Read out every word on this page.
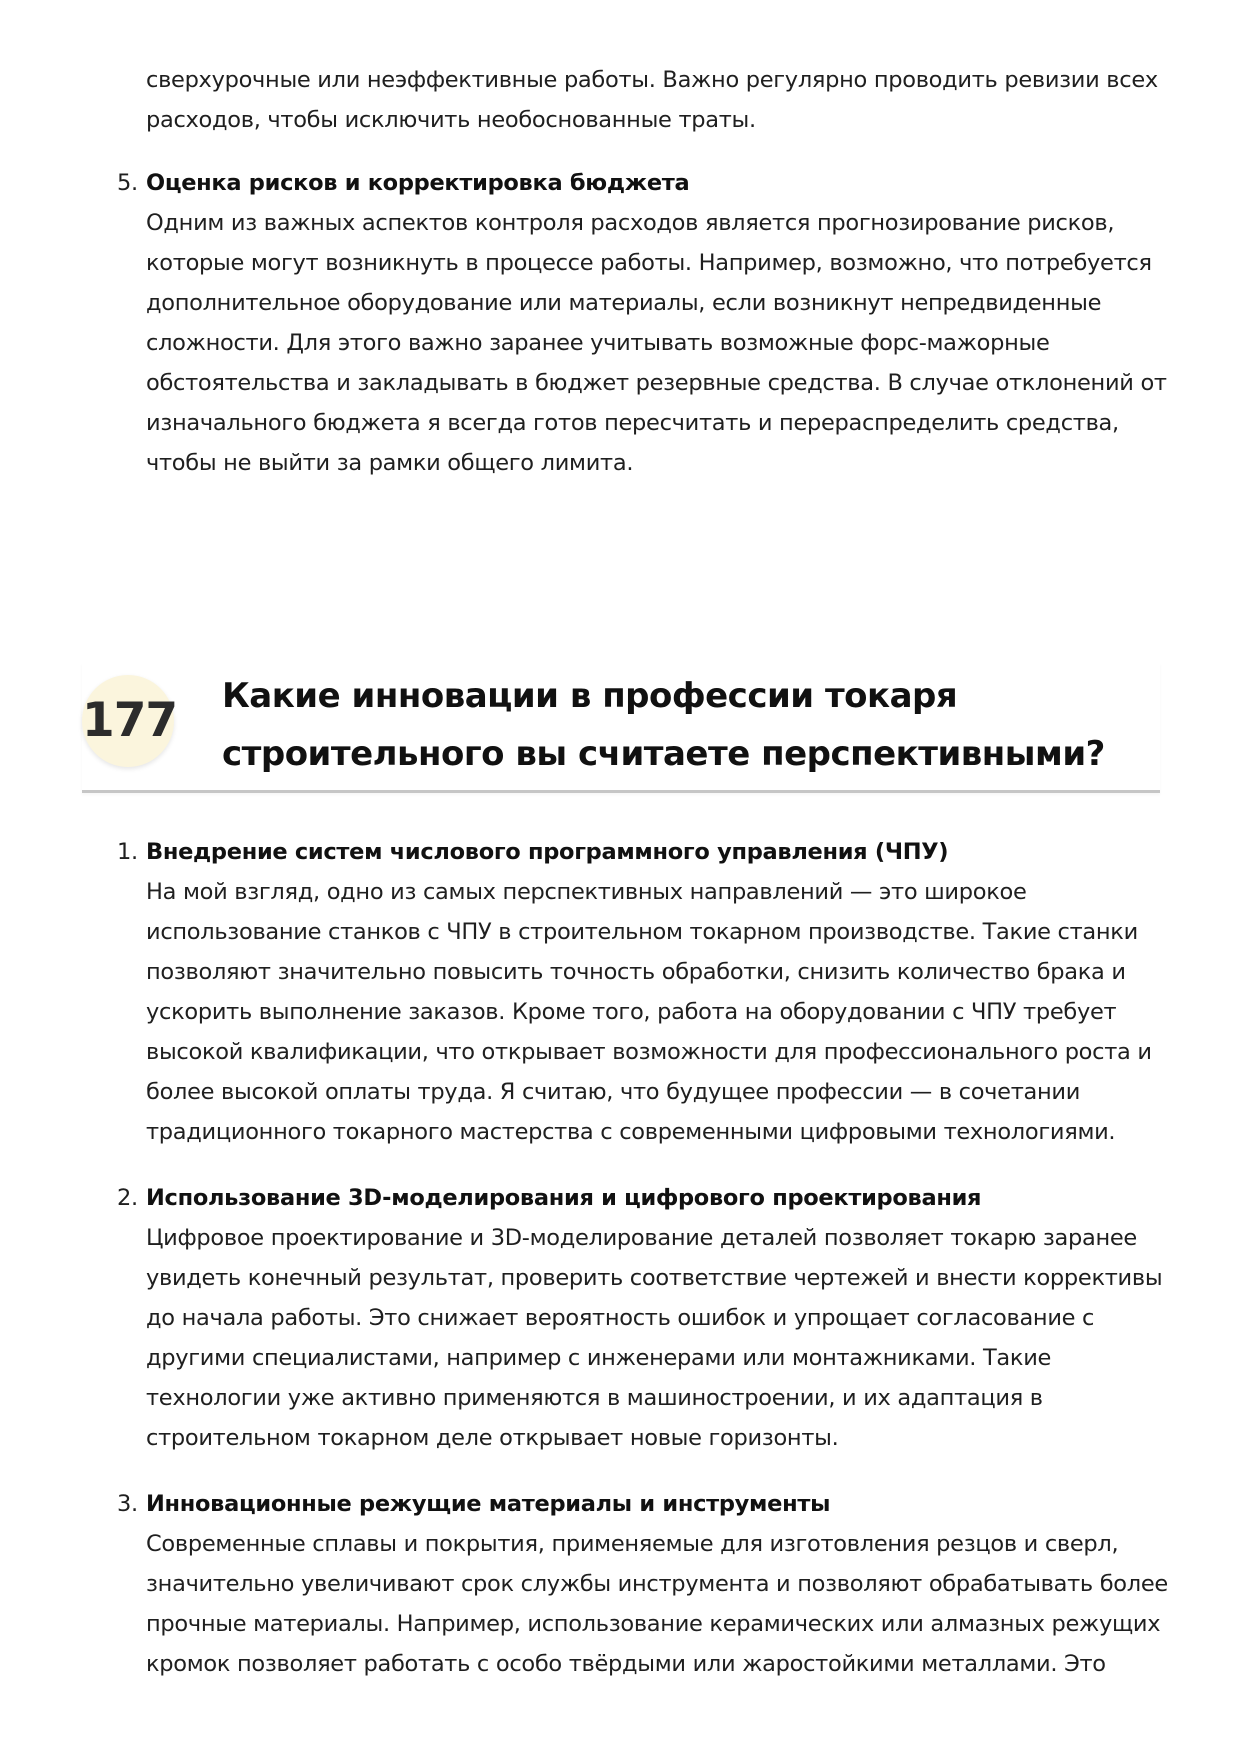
сверхурочные или неэффективные работы. Важно регулярно проводить ревизии всех
расходов, чтобы исключить необоснованные траты.
5. Оценка рисков и корректировка бюджета
Одним из важных аспектов контроля расходов является прогнозирование рисков,
которые могут возникнуть в процессе работы. Например, возможно, что потребуется
дополнительное оборудование или материалы, если возникнут непредвиденные
сложности. Для этого важно заранее учитывать возможные форс-мажорные
обстоятельства и закладывать в бюджет резервные средства. В случае отклонений от
изначального бюджета я всегда готов пересчитать и перераспределить средства,
чтобы не выйти за рамки общего лимита.
177 Какие инновации в профессии токаря
строительного вы считаете перспективными?
1. Внедрение систем числового программного управления (ЧПУ)
На мой взгляд, одно из самых перспективных направлений — это широкое
использование станков с ЧПУ в строительном токарном производстве. Такие станки
позволяют значительно повысить точность обработки, снизить количество брака и
ускорить выполнение заказов. Кроме того, работа на оборудовании с ЧПУ требует
высокой квалификации, что открывает возможности для профессионального роста и
более высокой оплаты труда. Я считаю, что будущее профессии — в сочетании
традиционного токарного мастерства с современными цифровыми технологиями.
2. Использование 3D-моделирования и цифрового проектирования
Цифровое проектирование и 3D-моделирование деталей позволяет токарю заранее
увидеть конечный результат, проверить соответствие чертежей и внести коррективы
до начала работы. Это снижает вероятность ошибок и упрощает согласование с
другими специалистами, например с инженерами или монтажниками. Такие
технологии уже активно применяются в машиностроении, и их адаптация в
строительном токарном деле открывает новые горизонты.
3. Инновационные режущие материалы и инструменты
Современные сплавы и покрытия, применяемые для изготовления резцов и сверл,
значительно увеличивают срок службы инструмента и позволяют обрабатывать более
прочные материалы. Например, использование керамических или алмазных режущих
кромок позволяет работать с особо твёрдыми или жаростойкими металлами. Это
